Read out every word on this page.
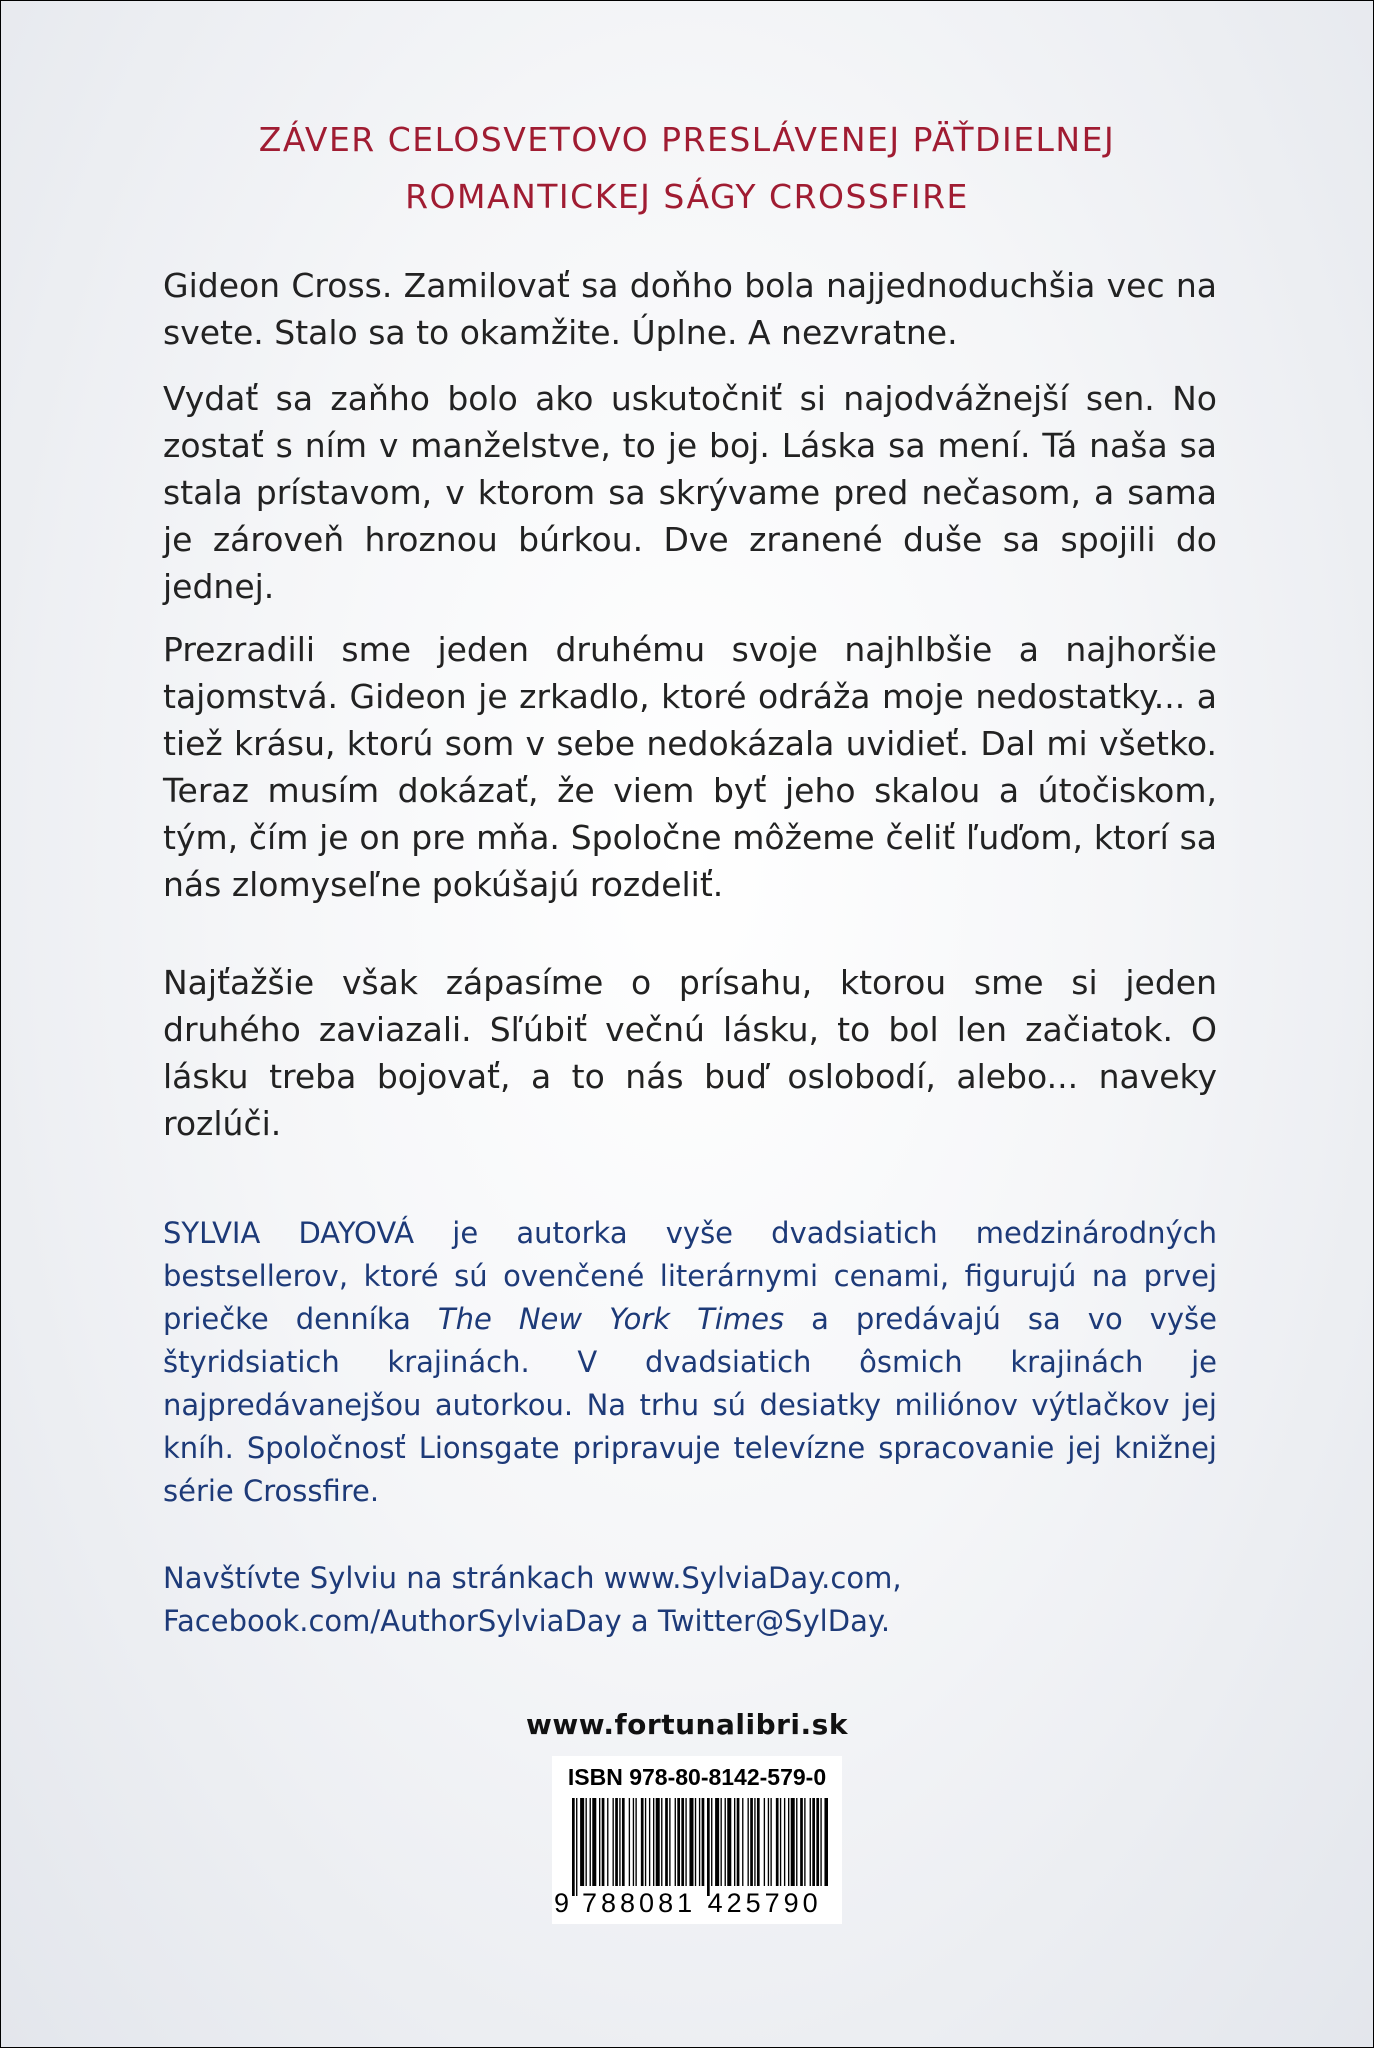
ZÁVER CELOSVETOVO PRESLÁVENEJ PÄŤDIELNEJ
ROMANTICKEJ SÁGY CROSSFIRE

Gideon Cross. Zamilovať sa doňho bola najjednoduchšia vec na svete. Stalo sa to okamžite. Úplne. A nezvratne.

Vydať sa zaňho bolo ako uskutočniť si najodvážnejší sen. No zostať s ním v manželstve, to je boj. Láska sa mení. Tá naša sa stala prístavom, v ktorom sa skrývame pred nečasom, a sama je zároveň hroznou búrkou. Dve zranené duše sa spojili do jednej.

Prezradili sme jeden druhému svoje najhlbšie a najhoršie tajomstvá. Gideon je zrkadlo, ktoré odráža moje nedostatky... a tiež krásu, ktorú som v sebe nedokázala uvidieť. Dal mi všetko. Teraz musím dokázať, že viem byť jeho skalou a útočiskom, tým, čím je on pre mňa. Spoločne môžeme čeliť ľuďom, ktorí sa nás zlomyseľne pokúšajú rozdeliť.

Najťažšie však zápasíme o prísahu, ktorou sme si jeden druhého zaviazali. Sľúbiť večnú lásku, to bol len začiatok. O lásku treba bojovať, a to nás buď oslobodí, alebo... naveky rozlúči.

SYLVIA DAYOVÁ je autorka vyše dvadsiatich medzinárodných bestsellerov, ktoré sú ovenčené literárnymi cenami, figurujú na prvej priečke denníka The New York Times a predávajú sa vo vyše štyridsiatich krajinách. V dvadsiatich ôsmich krajinách je najpredávanejšou autorkou. Na trhu sú desiatky miliónov výtlačkov jej kníh. Spoločnosť Lionsgate pripravuje televízne spracovanie jej knižnej série Crossfire.

Navštívte Sylviu na stránkach www.SylviaDay.com,
Facebook.com/AuthorSylviaDay a Twitter@SylDay.

www.fortunalibri.sk
ISBN 978-80-8142-579-0
9 788081 425790
